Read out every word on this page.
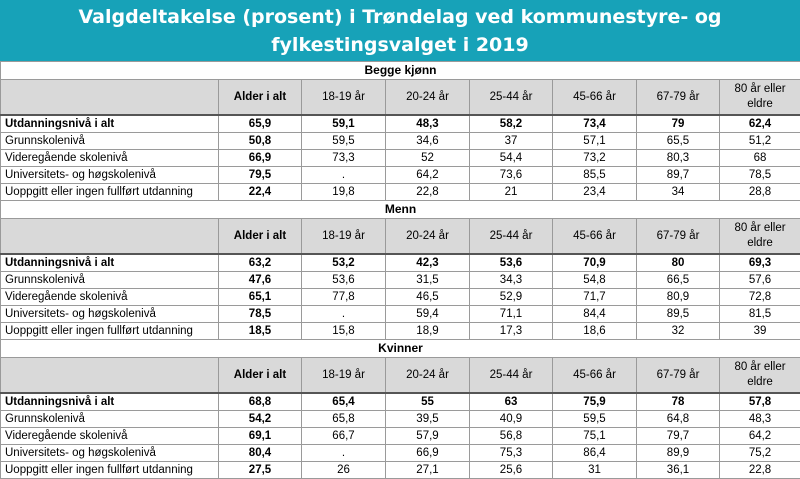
Valgdeltakelse (prosent) i Trøndelag ved kommunestyre- og
fylkestingsvalget i 2019
Begge kjønn							
	Alder i alt	18-19 år	20-24 år	25-44 år	45-66 år	67-79 år	80 år eller eldre
Utdanningsnivå i alt	65,9	59,1	48,3	58,2	73,4	79	62,4
Grunnskolenivå	50,8	59,5	34,6	37	57,1	65,5	51,2
Videregående skolenivå	66,9	73,3	52	54,4	73,2	80,3	68
Universitets- og høgskolenivå	79,5	.	64,2	73,6	85,5	89,7	78,5
Uoppgitt eller ingen fullført utdanning	22,4	19,8	22,8	21	23,4	34	28,8
Menn							
	Alder i alt	18-19 år	20-24 år	25-44 år	45-66 år	67-79 år	80 år eller eldre
Utdanningsnivå i alt	63,2	53,2	42,3	53,6	70,9	80	69,3
Grunnskolenivå	47,6	53,6	31,5	34,3	54,8	66,5	57,6
Videregående skolenivå	65,1	77,8	46,5	52,9	71,7	80,9	72,8
Universitets- og høgskolenivå	78,5	.	59,4	71,1	84,4	89,5	81,5
Uoppgitt eller ingen fullført utdanning	18,5	15,8	18,9	17,3	18,6	32	39
Kvinner							
	Alder i alt	18-19 år	20-24 år	25-44 år	45-66 år	67-79 år	80 år eller eldre
Utdanningsnivå i alt	68,8	65,4	55	63	75,9	78	57,8
Grunnskolenivå	54,2	65,8	39,5	40,9	59,5	64,8	48,3
Videregående skolenivå	69,1	66,7	57,9	56,8	75,1	79,7	64,2
Universitets- og høgskolenivå	80,4	.	66,9	75,3	86,4	89,9	75,2
Uoppgitt eller ingen fullført utdanning	27,5	26	27,1	25,6	31	36,1	22,8
